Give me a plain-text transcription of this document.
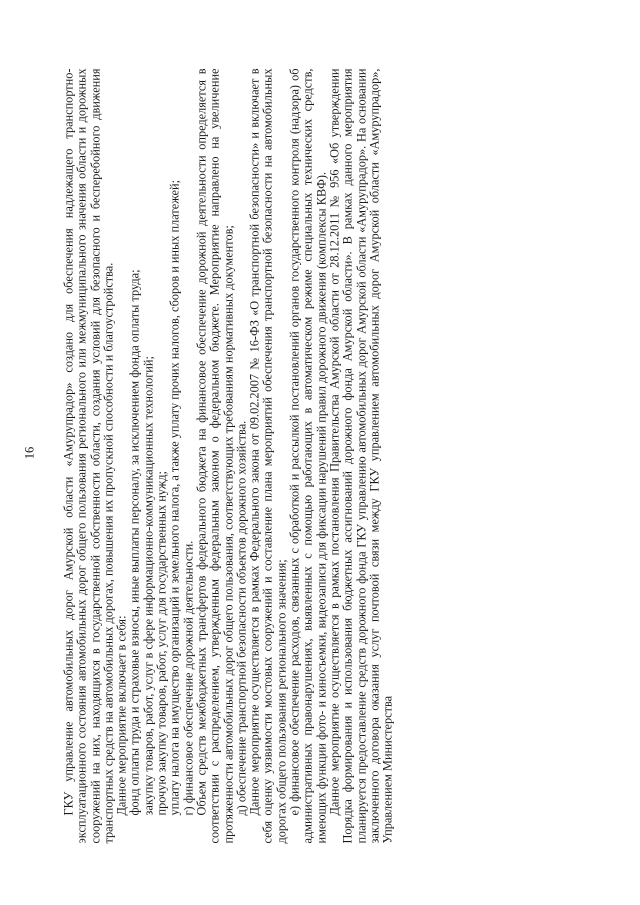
16 ГКУ управление автомобильных дорог Амурской области «Амурупрадор» создано для обеспечения надлежащего транспортно-эксплуатационного состояния автомобильных дорог общего пользования регионального или межмуниципального значения области и дорожных сооружений на них, находящихся в государственной собственности области, создания условий для безопасного и бесперебойного движения транспортных средств на автомобильных дорогах, повышения их пропускной способности и благоустройства. Данное мероприятие включает в себя: фонд оплаты труда и страховые взносы, иные выплаты персоналу, за исключением фонда оплаты труда; закупку товаров, работ, услуг в сфере информационно-коммуникационных технологий; прочую закупку товаров, работ, услуг для государственных нужд; уплату налога на имущество организаций и земельного налога, а также уплату прочих налогов, сборов и иных платежей; г) финансовое обеспечение дорожной деятельности. Объем средств межбюджетных трансфертов федерального бюджета на финансовое обеспечение дорожной деятельности определяется в соответствии с распределением, утвержденным федеральным законом о федеральном бюджете. Мероприятие направлено на увеличение протяженности автомобильных дорог общего пользования, соответствующих требованиям нормативных документов; д) обеспечение транспортной безопасности объектов дорожного хозяйства. Данное мероприятие осуществляется в рамках Федерального закона от 09.02.2007 № 16-ФЗ «О транспортной безопасности» и включает в себя оценку уязвимости мостовых сооружений и составление плана мероприятий обеспечения транспортной безопасности на автомобильных дорогах общего пользования регионального значения; е) финансовое обеспечение расходов, связанных с обработкой и рассылкой постановлений органов государственного контроля (надзора) об административных правонарушениях, выявленных с помощью работающих в автоматическом режиме специальных технических средств, имеющих функции фото- и киносъемки, видеозаписи для фиксации нарушений правил дорожного движения (комплексы КВФ). Данное мероприятие осуществляется в рамках постановления Правительства Амурской области от 28.12.2011 № 956 «Об утверждении Порядка формирования и использования бюджетных ассигнований дорожного фонда Амурской области». В рамках данного мероприятия планируется предоставление средств дорожного фонда ГКУ управлению автомобильных дорог Амурской области «Амурупрадор». На основании заключенного договора оказания услуг почтовой связи между ГКУ управлением автомобильных дорог Амурской области «Амурупрадор», Управлением Министерства
